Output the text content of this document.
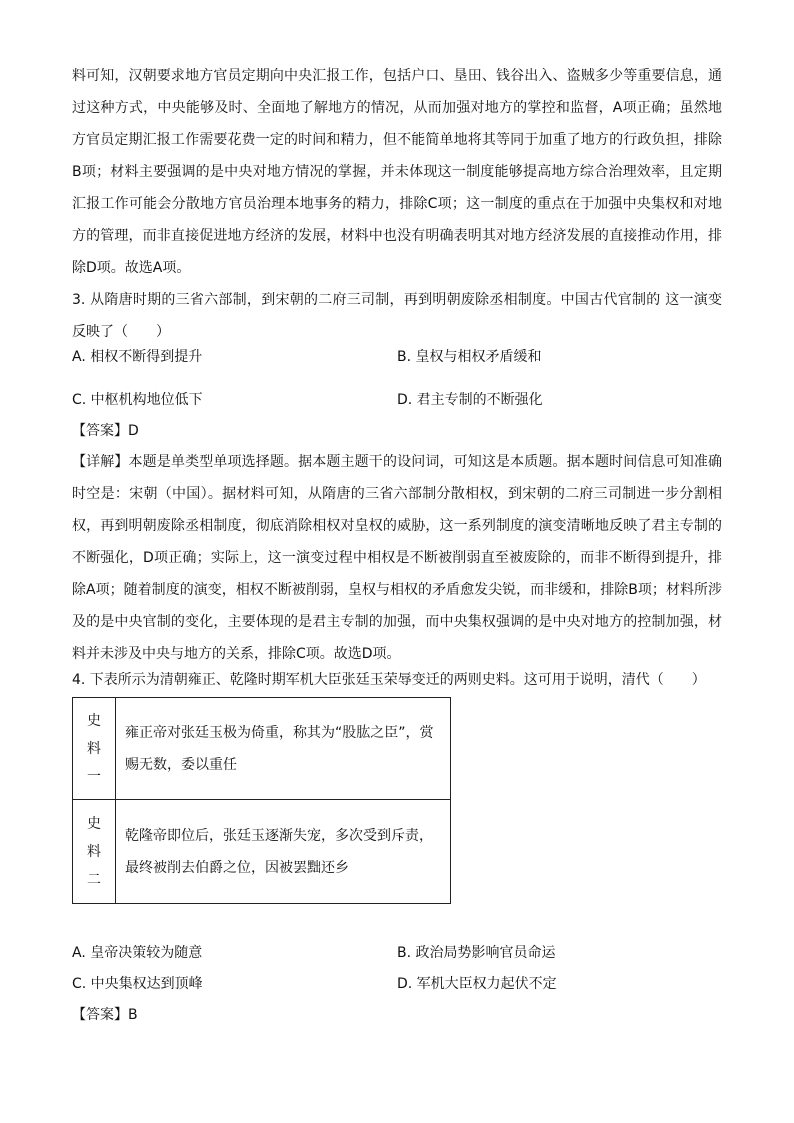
料可知，汉朝要求地方官员定期向中央汇报工作，包括户口、垦田、钱谷出入、盗贼多少等重要信息，通过这种方式，中央能够及时、全面地了解地方的情况，从而加强对地方的掌控和监督，A项正确；虽然地方官员定期汇报工作需要花费一定的时间和精力，但不能简单地将其等同于加重了地方的行政负担，排除B项；材料主要强调的是中央对地方情况的掌握，并未体现这一制度能够提高地方综合治理效率，且定期汇报工作可能会分散地方官员治理本地事务的精力，排除C项；这一制度的重点在于加强中央集权和对地方的管理，而非直接促进地方经济的发展，材料中也没有明确表明其对地方经济发展的直接推动作用，排除D项。故选A项。

3. 从隋唐时期的三省六部制，到宋朝的二府三司制，再到明朝废除丞相制度。中国古代官制的 这一演变反映了（　　）

A. 相权不断得到提升	B. 皇权与相权矛盾缓和

C. 中枢机构地位低下	D. 君主专制的不断强化

【答案】D

【详解】本题是单类型单项选择题。据本题主题干的设问词，可知这是本质题。据本题时间信息可知准确时空是：宋朝（中国）。据材料可知，从隋唐的三省六部制分散相权，到宋朝的二府三司制进一步分割相权，再到明朝废除丞相制度，彻底消除相权对皇权的威胁，这一系列制度的演变清晰地反映了君主专制的不断强化，D项正确；实际上，这一演变过程中相权是不断被削弱直至被废除的，而非不断得到提升，排除A项；随着制度的演变，相权不断被削弱，皇权与相权的矛盾愈发尖锐，而非缓和，排除B项；材料所涉及的是中央官制的变化，主要体现的是君主专制的加强，而中央集权强调的是中央对地方的控制加强，材料并未涉及中央与地方的关系，排除C项。故选D项。

4. 下表所示为清朝雍正、乾隆时期军机大臣张廷玉荣辱变迁的两则史料。这可用于说明，清代（　　）

史
料
一	雍正帝对张廷玉极为倚重，称其为“股肱之臣”，赏赐无数，委以重任
史
料
二	乾隆帝即位后，张廷玉逐渐失宠，多次受到斥责，最终被削去伯爵之位，因被罢黜还乡

A. 皇帝决策较为随意	B. 政治局势影响官员命运

C. 中央集权达到顶峰	D. 军机大臣权力起伏不定

【答案】B
